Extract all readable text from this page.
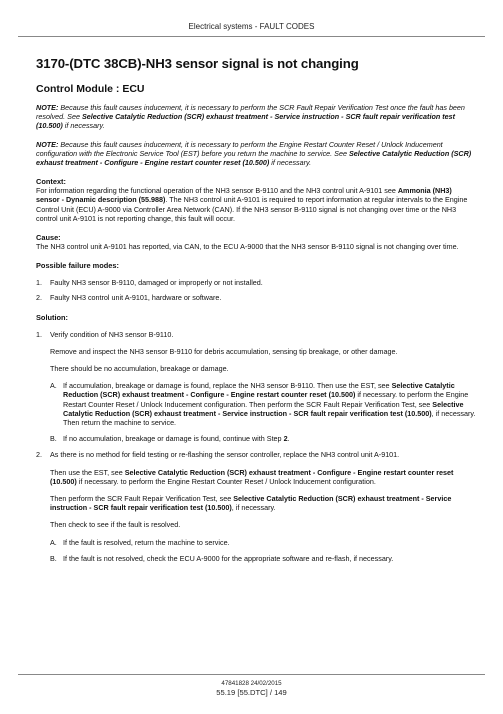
Electrical systems - FAULT CODES
3170-(DTC 38CB)-NH3 sensor signal is not changing
Control Module : ECU

NOTE: Because this fault causes inducement, it is necessary to perform the SCR Fault Repair Verification Test once the fault has been resolved. See Selective Catalytic Reduction (SCR) exhaust treatment - Service instruction - SCR fault repair verification test (10.500) if necessary.

NOTE: Because this fault causes inducement, it is necessary to perform the Engine Restart Counter Reset / Unlock Inducement configuration with the Electronic Service Tool (EST) before you return the machine to service. See Selective Catalytic Reduction (SCR) exhaust treatment - Configure - Engine restart counter reset (10.500) if necessary.

Context:

For information regarding the functional operation of the NH3 sensor B-9110 and the NH3 control unit A-9101 see Ammonia (NH3) sensor - Dynamic description (55.988). The NH3 control unit A-9101 is required to report information at regular intervals to the Engine Control Unit (ECU) A-9000 via Controller Area Network (CAN). If the NH3 sensor B-9110 signal is not changing over time or the NH3 control unit A-9101 is not reporting change, this fault will occur.

Cause:

The NH3 control unit A-9101 has reported, via CAN, to the ECU A-9000 that the NH3 sensor B-9110 signal is not changing over time.

Possible failure modes:
1. Faulty NH3 sensor B-9110, damaged or improperly or not installed.
2. Faulty NH3 control unit A-9101, hardware or software.
Solution:
1. Verify condition of NH3 sensor B-9110.

Remove and inspect the NH3 sensor B-9110 for debris accumulation, sensing tip breakage, or other damage.

There should be no accumulation, breakage or damage.

A. If accumulation, breakage or damage is found, replace the NH3 sensor B-9110. Then use the EST, see Selective Catalytic Reduction (SCR) exhaust treatment - Configure - Engine restart counter reset (10.500) if necessary. to perform the Engine Restart Counter Reset / Unlock Inducement configuration. Then perform the SCR Fault Repair Verification Test, see Selective Catalytic Reduction (SCR) exhaust treatment - Service instruction - SCR fault repair verification test (10.500), if necessary. Then return the machine to service.
B. If no accumulation, breakage or damage is found, continue with Step 2.
2. As there is no method for field testing or re-flashing the sensor controller, replace the NH3 control unit A-9101.

Then use the EST, see Selective Catalytic Reduction (SCR) exhaust treatment - Configure - Engine restart counter reset (10.500) if necessary. to perform the Engine Restart Counter Reset / Unlock Inducement configuration.

Then perform the SCR Fault Repair Verification Test, see Selective Catalytic Reduction (SCR) exhaust treatment - Service instruction - SCR fault repair verification test (10.500), if necessary.

Then check to see if the fault is resolved.

A. If the fault is resolved, return the machine to service.
B. If the fault is not resolved, check the ECU A-9000 for the appropriate software and re-flash, if necessary.
47841828 24/02/2015
55.19 [55.DTC] / 149
